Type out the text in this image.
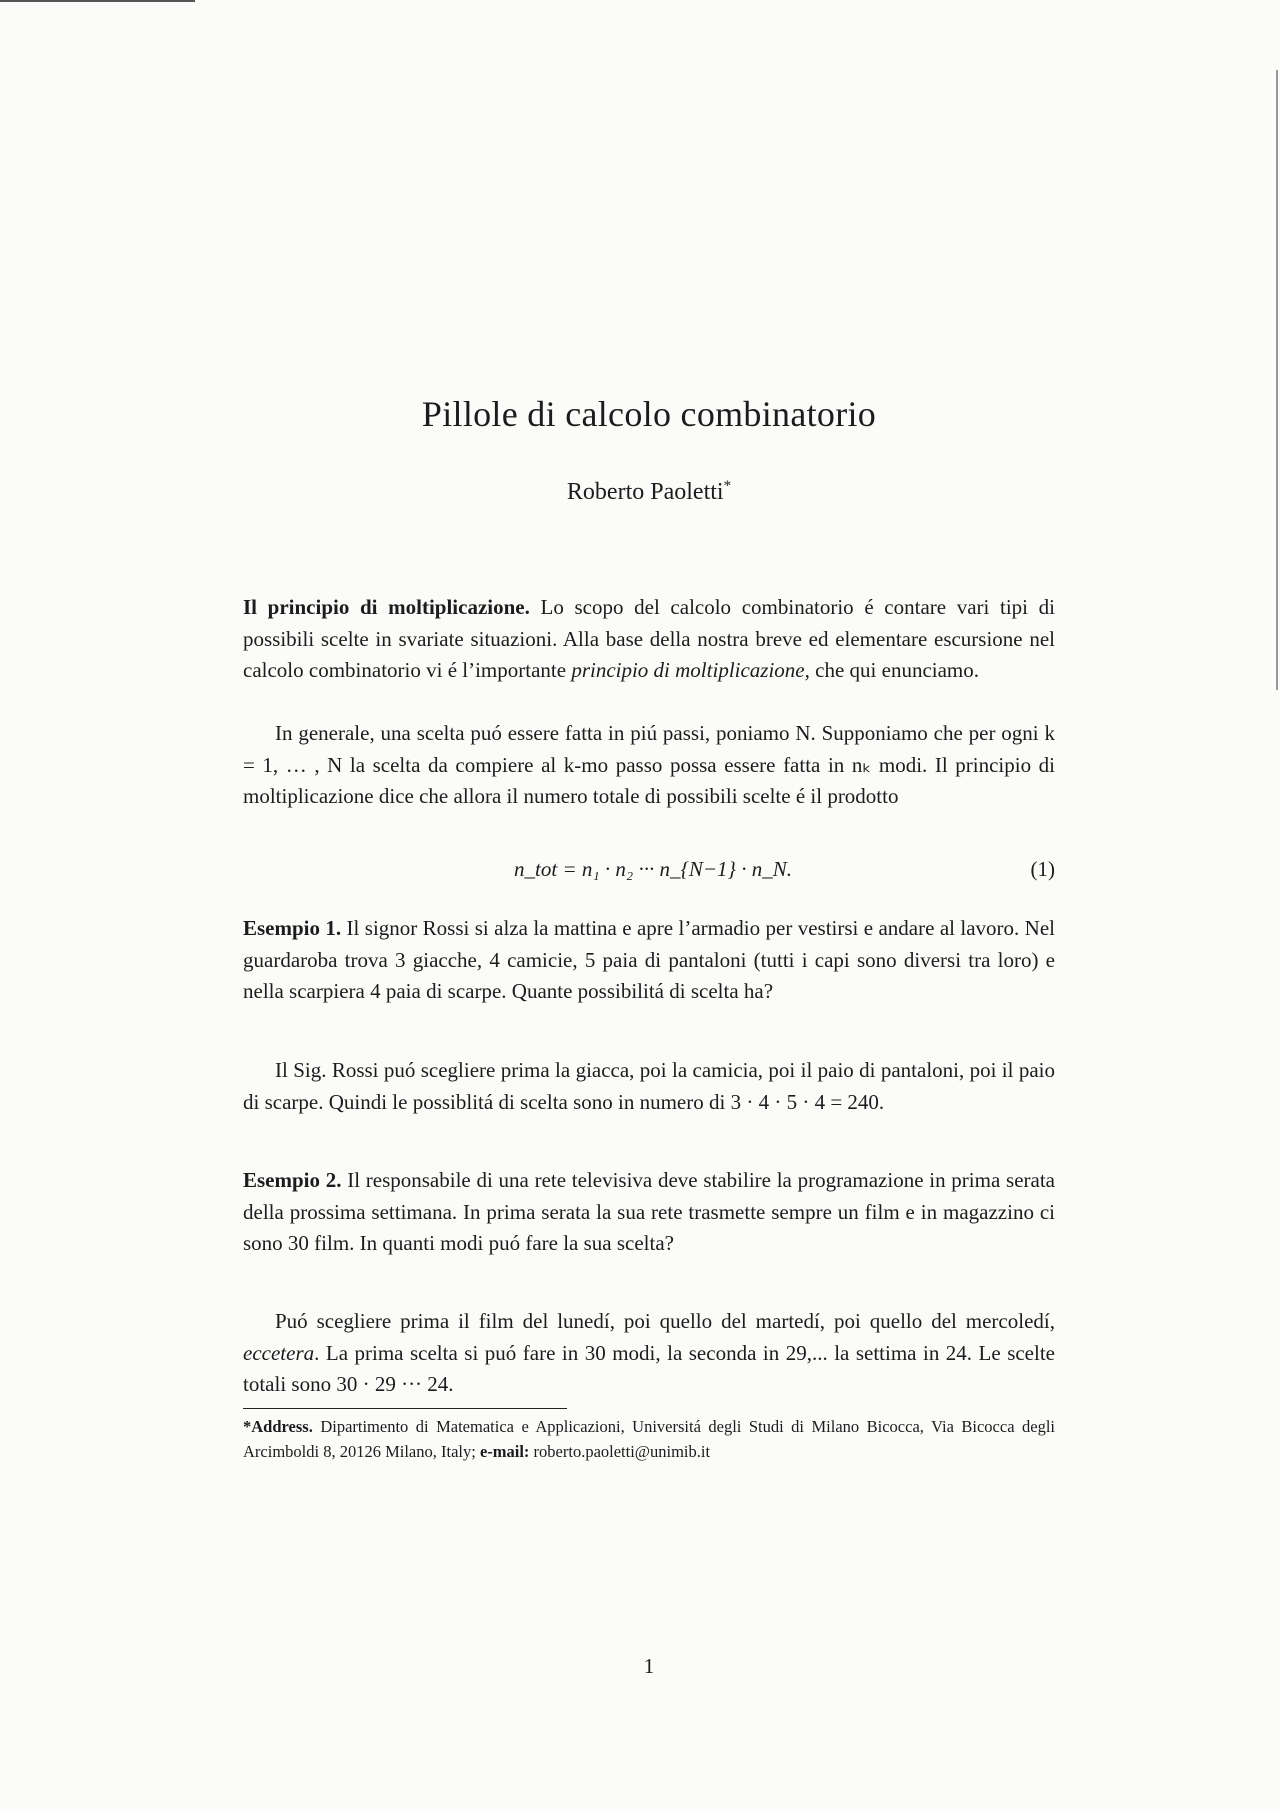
Pillole di calcolo combinatorio
Roberto Paoletti*
Il principio di moltiplicazione. Lo scopo del calcolo combinatorio é contare vari tipi di possibili scelte in svariate situazioni. Alla base della nostra breve ed elementare escursione nel calcolo combinatorio vi é l’importante principio di moltiplicazione, che qui enunciamo.
In generale, una scelta puó essere fatta in piú passi, poniamo N. Supponiamo che per ogni k = 1, … , N la scelta da compiere al k-mo passo possa essere fatta in nₖ modi. Il principio di moltiplicazione dice che allora il numero totale di possibili scelte é il prodotto
n_tot = n₁ · n₂ ··· n_{N−1} · n_N.	(1)
Esempio 1. Il signor Rossi si alza la mattina e apre l’armadio per vestirsi e andare al lavoro. Nel guardaroba trova 3 giacche, 4 camicie, 5 paia di pantaloni (tutti i capi sono diversi tra loro) e nella scarpiera 4 paia di scarpe. Quante possibilitá di scelta ha?
Il Sig. Rossi puó scegliere prima la giacca, poi la camicia, poi il paio di pantaloni, poi il paio di scarpe. Quindi le possiblitá di scelta sono in numero di 3 · 4 · 5 · 4 = 240.
Esempio 2. Il responsabile di una rete televisiva deve stabilire la programazione in prima serata della prossima settimana. In prima serata la sua rete trasmette sempre un film e in magazzino ci sono 30 film. In quanti modi puó fare la sua scelta?
Puó scegliere prima il film del lunedí, poi quello del martedí, poi quello del mercoledí, eccetera. La prima scelta si puó fare in 30 modi, la seconda in 29,... la settima in 24. Le scelte totali sono 30 · 29 ··· 24.
*Address. Dipartimento di Matematica e Applicazioni, Universitá degli Studi di Milano Bicocca, Via Bicocca degli Arcimboldi 8, 20126 Milano, Italy; e-mail: roberto.paoletti@unimib.it
1
